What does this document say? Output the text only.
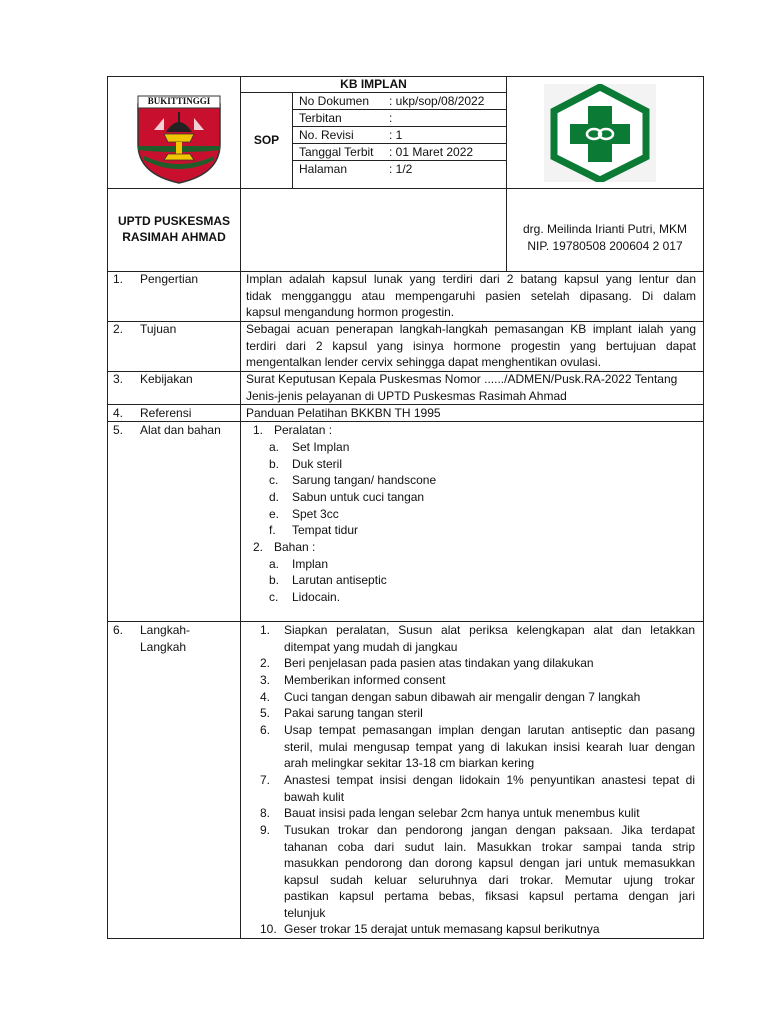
BUKITTINGGI
KB IMPLAN
SOP
No Dokumen : ukp/sop/08/2022
Terbitan	:
No. Revisi	: 1
Tanggal Terbit : 01 Maret 2022
Halaman	: 1/2
UPTD PUSKESMAS
RASIMAH AHMAD
drg. Meilinda Irianti Putri, MKM
NIP. 19780508 200604 2 017
1. Pengertian	Implan adalah kapsul lunak yang terdiri dari 2 batang kapsul yang lentur dan
tidak mengganggu atau mempengaruhi pasien setelah dipasang. Di dalam
kapsul mengandung hormon progestin.
2. Tujuan	Sebagai acuan penerapan langkah-langkah pemasangan KB implant ialah yang
terdiri dari 2 kapsul yang isinya hormone progestin yang bertujuan dapat
mengentalkan lender cervix sehingga dapat menghentikan ovulasi.
3. Kebijakan	Surat Keputusan Kepala Puskesmas Nomor ....../ADMEN/Pusk.RA-2022 Tentang
Jenis-jenis pelayanan di UPTD Puskesmas Rasimah Ahmad
4. Referensi	Panduan Pelatihan BKKBN TH 1995
5. Alat dan bahan	1. Peralatan :
a. Set Implan
b. Duk steril
c. Sarung tangan/ handscone
d. Sabun untuk cuci tangan
e. Spet 3cc
f. Tempat tidur
2. Bahan :
a. Implan
b. Larutan antiseptic
c. Lidocain.
6. Langkah-
Langkah
1. Siapkan peralatan, Susun alat periksa kelengkapan alat dan letakkan
ditempat yang mudah di jangkau
2. Beri penjelasan pada pasien atas tindakan yang dilakukan
3. Memberikan informed consent
4. Cuci tangan dengan sabun dibawah air mengalir dengan 7 langkah
5. Pakai sarung tangan steril
6. Usap tempat pemasangan implan dengan larutan antiseptic dan pasang
steril, mulai mengusap tempat yang di lakukan insisi kearah luar dengan
arah melingkar sekitar 13-18 cm biarkan kering
7. Anastesi tempat insisi dengan lidokain 1% penyuntikan anastesi tepat di
bawah kulit
8. Bauat insisi pada lengan selebar 2cm hanya untuk menembus kulit
9. Tusukan trokar dan pendorong jangan dengan paksaan. Jika terdapat
tahanan coba dari sudut lain. Masukkan trokar sampai tanda strip
masukkan pendorong dan dorong kapsul dengan jari untuk memasukkan
kapsul sudah keluar seluruhnya dari trokar. Memutar ujung trokar
pastikan kapsul pertama bebas, fiksasi kapsul pertama dengan jari
telunjuk
10. Geser trokar 15 derajat untuk memasang kapsul berikutnya
